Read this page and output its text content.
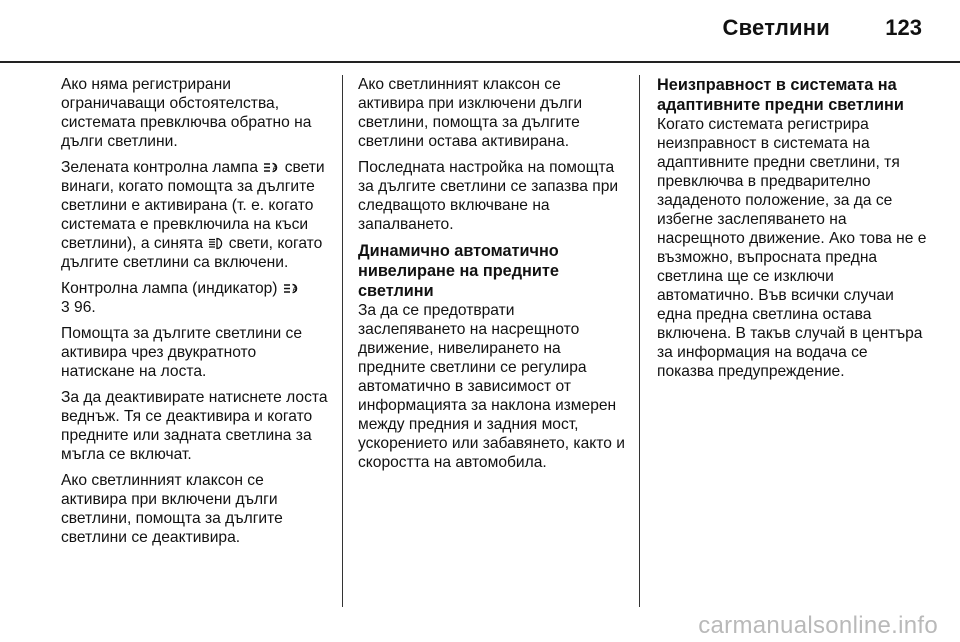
Светлини	123

Ако няма регистрирани ограничаващи обстоятелства, системата превключва обратно на дълги светлини.

Зелената контролна лампа A свети винаги, когато помощта за дългите светлини е активирана (т. е. когато системата е превключила на къси светлини), а синята свети, когато дългите светлини са включени.

Контролна лампа (индикатор) A

3 96.

Помощта за дългите светлини се активира чрез двукратното натискане на лоста.

За да деактивирате натиснете лоста веднъж. Тя се деактивира и когато предните или задната светлина за мъгла се включат.

Ако светлинният клаксон се активира при включени дълги светлини, помощта за дългите светлини се деактивира.

Ако светлинният клаксон се активира при изключени дълги светлини, помощта за дългите светлини остава активирана.

Последната настройка на помощта за дългите светлини се запазва при следващото включване на запалването.

Динамично автоматично нивелиране на предните светлини

За да се предотврати заслепяването на насрещното движение, нивелирането на предните светлини се регулира автоматично в зависимост от информацията за наклона измерен между предния и задния мост, ускорението или забавянето, както и скоростта на автомобила.

Неизправност в системата на адаптивните предни светлини

Когато системата регистрира неизправност в системата на адаптивните предни светлини, тя превключва в предварително зададеното положение, за да се избегне заслепяването на насрещното движение. Ако това не е възможно, въпросната предна светлина ще се изключи автоматично. Във всички случаи една предна светлина остава включена. В такъв случай в центъра за информация на водача се показва предупреждение.

carmanualsonline.info
